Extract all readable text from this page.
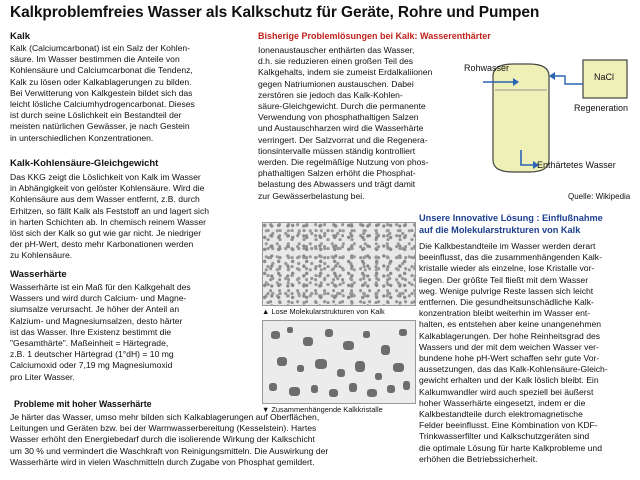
Kalkproblemfreies Wasser als Kalkschutz für Geräte, Rohre und Pumpen
Kalk
Kalk (Calciumcarbonat) ist ein Salz der Kohlen-
säure. Im Wasser bestimmen die Anteile von
Kohlensäure und Calciumcarbonat die Tendenz,
Kalk zu lösen oder Kalkablagerungen zu bilden.
Bei Verwitterung von Kalkgestein bildet sich das
leicht lösliche Calciumhydrogencarbonat. Dieses
ist durch seine Löslichkeit ein Bestandteil der
meisten natürlichen Gewässer, je nach Gestein
in unterschiedlichen Konzentrationen.
Kalk-Kohlensäure-Gleichgewicht
Das KKG zeigt die Löslichkeit von Kalk im Wasser
in Abhängigkeit von gelöster Kohlensäure. Wird die
Kohlensäure aus dem Wasser entfernt, z.B. durch
Erhitzen, so fällt Kalk als Feststoff an und lagert sich
in harten Schichten ab. In chemisch reinem Wasser
löst sich der Kalk so gut wie gar nicht. Je niedriger
der pH-Wert, desto mehr Karbonationen werden
zu Kohlensäure.
Wasserhärte
Wasserhärte ist ein Maß für den Kalkgehalt des
Wassers und wird durch Calcium- und Magne-
siumsalze verursacht. Je höher der Anteil an
Kalzium- und Magnesiumsalzen, desto härter
ist das Wasser. Ihre Existenz bestimmt die
"Gesamthärte". Maßeinheit = Härtegrade,
z.B. 1 deutscher Härtegrad (1°dH) = 10 mg
Calciumoxid oder 7,19 mg Magnesiumoxid
pro Liter Wasser.
Probleme mit hoher Wasserhärte
Je härter das Wasser, umso mehr bilden sich Kalkablagerungen auf Oberflächen,
Leitungen und Geräten bzw. bei der Warmwasserbereitung (Kesselstein). Hartes
Wasser erhöht den Energiebedarf durch die isolierende Wirkung der Kalkschicht
um 30 % und vermindert die Waschkraft von Reinigungsmitteln. Die Auswirkung der
Wasserhärte wird in vielen Waschmitteln durch Zugabe von Phosphat gemildert.
Bisherige Problemlösungen bei Kalk: Wasserenthärter
Ionenaustauscher enthärten das Wasser,
d.h. sie reduzieren einen großen Teil des
Kalkgehalts, indem sie zumeist Erdalkaliionen
gegen Natriumionen austauschen. Dabei
zerstören sie jedoch das Kalk-Kohlen-
säure-Gleichgewicht. Durch die permanente
Verwendung von phosphathaltigen Salzen
und Austauschharzen wird die Wasserhärte
verringert. Der Salzvorrat und die Regenera-
tionsintervalle müssen ständig kontrolliert
werden. Die regelmäßige Nutzung von phos-
phathaltigen Salzen erhöht die Phosphat-
belastung des Abwassers und trägt damit
zur Gewässerbelastung bei.
▲ Lose Molekularstrukturen von Kalk
▼ Zusammenhängende Kalkkristalle
Rohwasser
NaCl
Regeneration
Enthärtetes Wasser
Quelle: Wikipedia
Unsere Innovative Lösung : Einflußnahme
auf die Molekularstrukturen von Kalk
Die Kalkbestandteile im Wasser werden derart
beeinflusst, das die zusammenhängenden Kalk-
kristalle wieder als einzelne, lose Kristalle vor-
liegen. Der größte Teil fließt mit dem Wasser
weg. Wenige pulvrige Reste lassen sich leicht
entfernen. Die gesundheitsunschädliche Kalk-
konzentration bleibt weiterhin im Wasser ent-
halten, es entstehen aber keine unangenehmen
Kalkablagerungen. Der hohe Reinheitsgrad des
Wassers und der mit dem weichen Wasser ver-
bundene hohe pH-Wert schaffen sehr gute Vor-
aussetzungen, das das Kalk-Kohlensäure-Gleich-
gewicht erhalten und der Kalk löslich bleibt. Ein
Kalkumwandler wird auch speziell bei äußerst
hoher Wasserhärte eingesetzt, indem er die
Kalkbestandteile durch elektromagnetische
Felder beeinflusst. Eine Kombination von KDF-
Trinkwasserfilter und Kalkschutzgeräten sind
die optimale Lösung für harte Kalkprobleme und
erhöhen die Betriebssicherheit.
